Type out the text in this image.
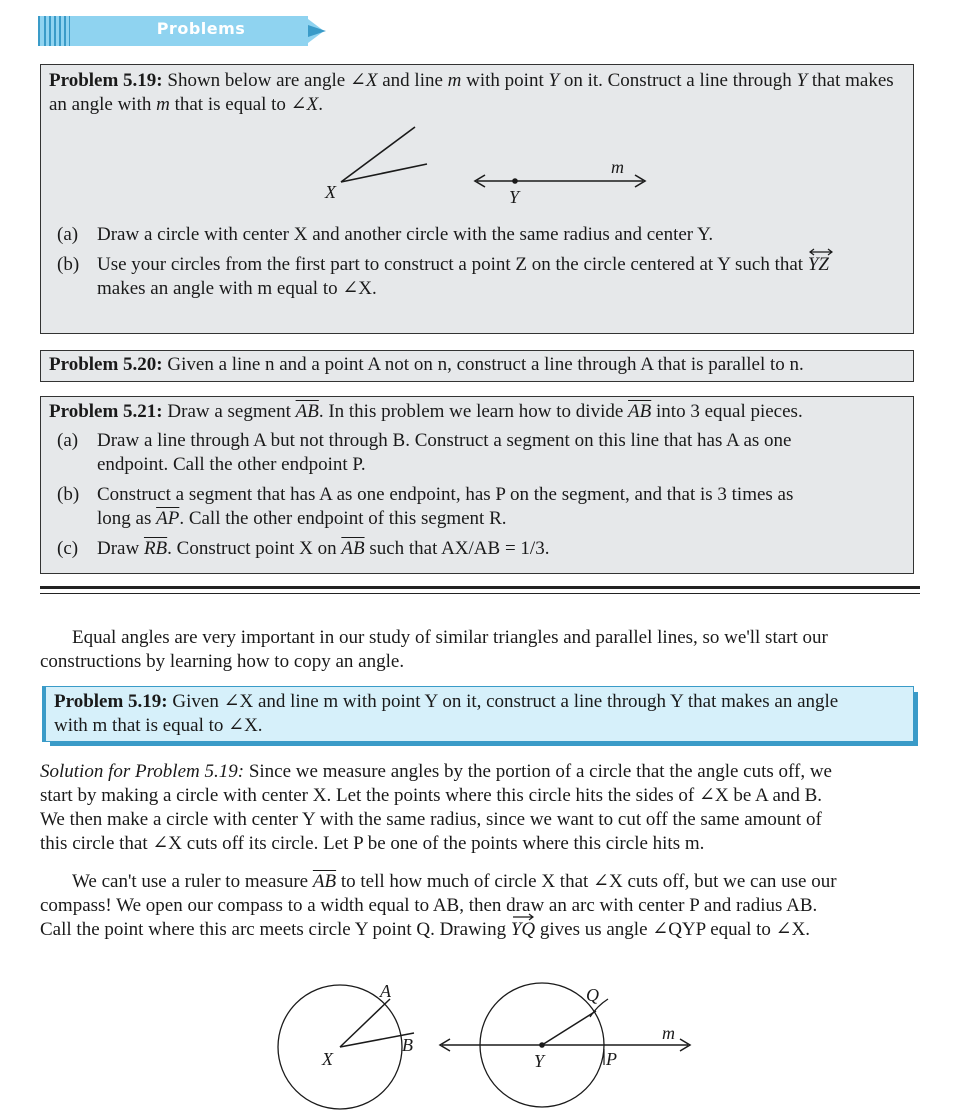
Problems
Problem 5.19: Shown below are angle ∠X and line m with point Y on it. Construct a line through Y that makes an angle with m that is equal to ∠X.
X	Y
m
(a) Draw a circle with center X and another circle with the same radius and center Y.
(b) Use your circles from the first part to construct a point Z on the circle centered at Y such that
YZ
makes an angle with m equal to ∠X.
Problem 5.20: Given a line n and a point A not on n, construct a line through A that is parallel to n.
Problem 5.21: Draw a segment $\overline{AB}$. In this problem we learn how to divide $\overline{AB}$ into 3 equal pieces.
(a) Draw a line through A but not through B. Construct a segment on this line that has A as one
endpoint. Call the other endpoint P.
(b) Construct a segment that has A as one endpoint, has P on the segment, and that is 3 times as
long as $\overline{AP}$. Call the other endpoint of this segment R.
(c) Draw $\overline{RB}$. Construct point X on $\overline{AB}$ such that AX/AB = 1/3.
Equal angles are very important in our study of similar triangles and parallel lines, so we'll start our
constructions by learning how to copy an angle.
Problem 5.19: Given ∠X and line m with point Y on it, construct a line through Y that makes an angle
with m that is equal to ∠X.
Solution for Problem 5.19: Since we measure angles by the portion of a circle that the angle cuts off, we
start by making a circle with center X. Let the points where this circle hits the sides of ∠X be A and B.
We then make a circle with center Y with the same radius, since we want to cut off the same amount of
this circle that ∠X cuts off its circle. Let P be one of the points where this circle hits m.
We can't use a ruler to measure $\overline{AB}$ to tell how much of circle X that ∠X cuts off, but we can use our
compass! We open our compass to a width equal to AB, then draw an arc with center P and radius AB.
Call the point where this arc meets circle Y point Q. Drawing
YQ gives us angle ∠QYP equal to ∠X.
A
B
X
Q
Y	P
m
